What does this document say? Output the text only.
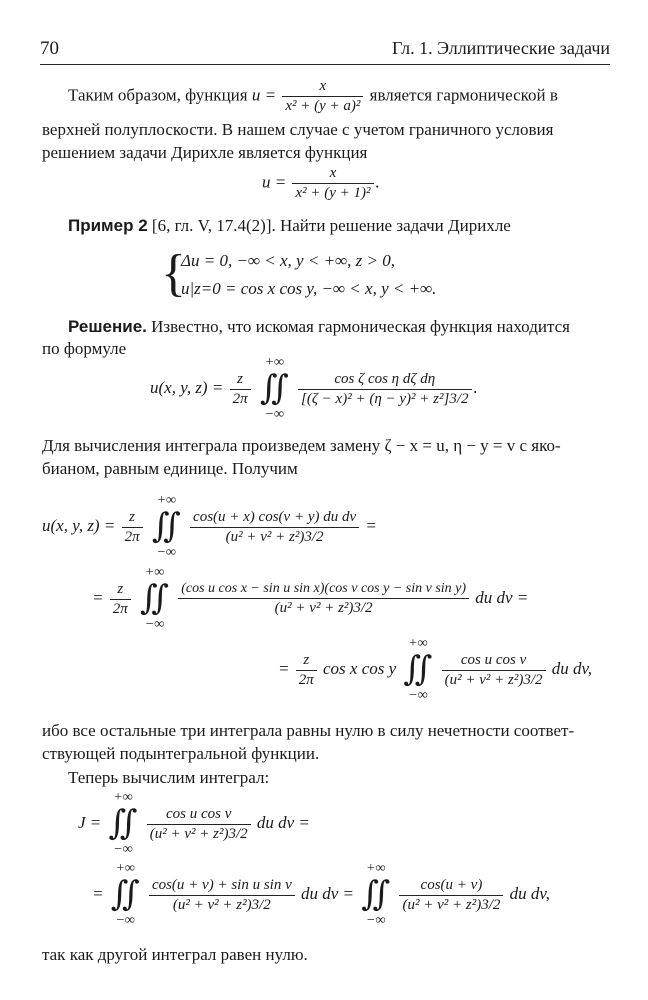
70	Гл. 1. Эллиптические задачи
Таким образом, функция $u = \frac{x}{\text{x² + (y + a)²}}$ является гармонической в
верхней полуплоскости. В нашем случае с учетом граничного условия
решением задачи Дирихле является функция
$u = \frac{x}{\text{x² + (y + 1)²}}$ .
Пример 2 [6, гл. V, 17.4(2)]. Найти решение задачи Дирихле
{
Δu = 0, −∞ < x, y < +∞, z > 0,
u|z=0 = cos x cos y, −∞ < x, y < +∞.
Решение. Известно, что искомая гармоническая функция находится
по формуле
u(x, y, $z) = \frac{z}{2\pi}$

+∞
∬
−∞

$\frac{\text{cos ζ cos η dζ dη}}{\text{[(ζ − x)² + (η − y)² + z²]3/2}}$ .
Для вычисления интеграла произведем замену ζ − x = u, η − y = v с яко-
бианом, равным единице. Получим
u(x, y, $z) = \frac{z}{2\pi}$

+∞
∬
−∞

$\frac{\text{cos(u + x) cos(v + y) du dv}}{\text{(u² + v² + z²)3/2}}$ =
= $\frac{z}{2\pi}$

+∞
∬
−∞

$\frac{\text{(cos u cos x − sin u sin x)(cos v cos y − sin v sin y)}}{\text{(u² + v² + z²)3/2}}$ du dv =
= $\frac{z}{2\pi}$ cos x cos y
+∞
∬
−∞

$\frac{\text{cos u cos v}}{\text{(u² + v² + z²)3/2}}$ du dv,
ибо все остальные три интеграла равны нулю в силу нечетности соответ-
ствующей подынтегральной функции.
Теперь вычислим интеграл:
J =
+∞
∬
−∞

$\frac{\text{cos u cos v}}{\text{(u² + v² + z²)3/2}}$ du dv =
=
+∞
∬
−∞

$\frac{\text{cos(u + v) + sin u sin v}}{\text{(u² + v² + z²)3/2}}$ du dv =
+∞
∬
−∞

$\frac{\cos(u + v)}{\text{(u² + v² + z²)3/2}}$ du dv,
так как другой интеграл равен нулю.
